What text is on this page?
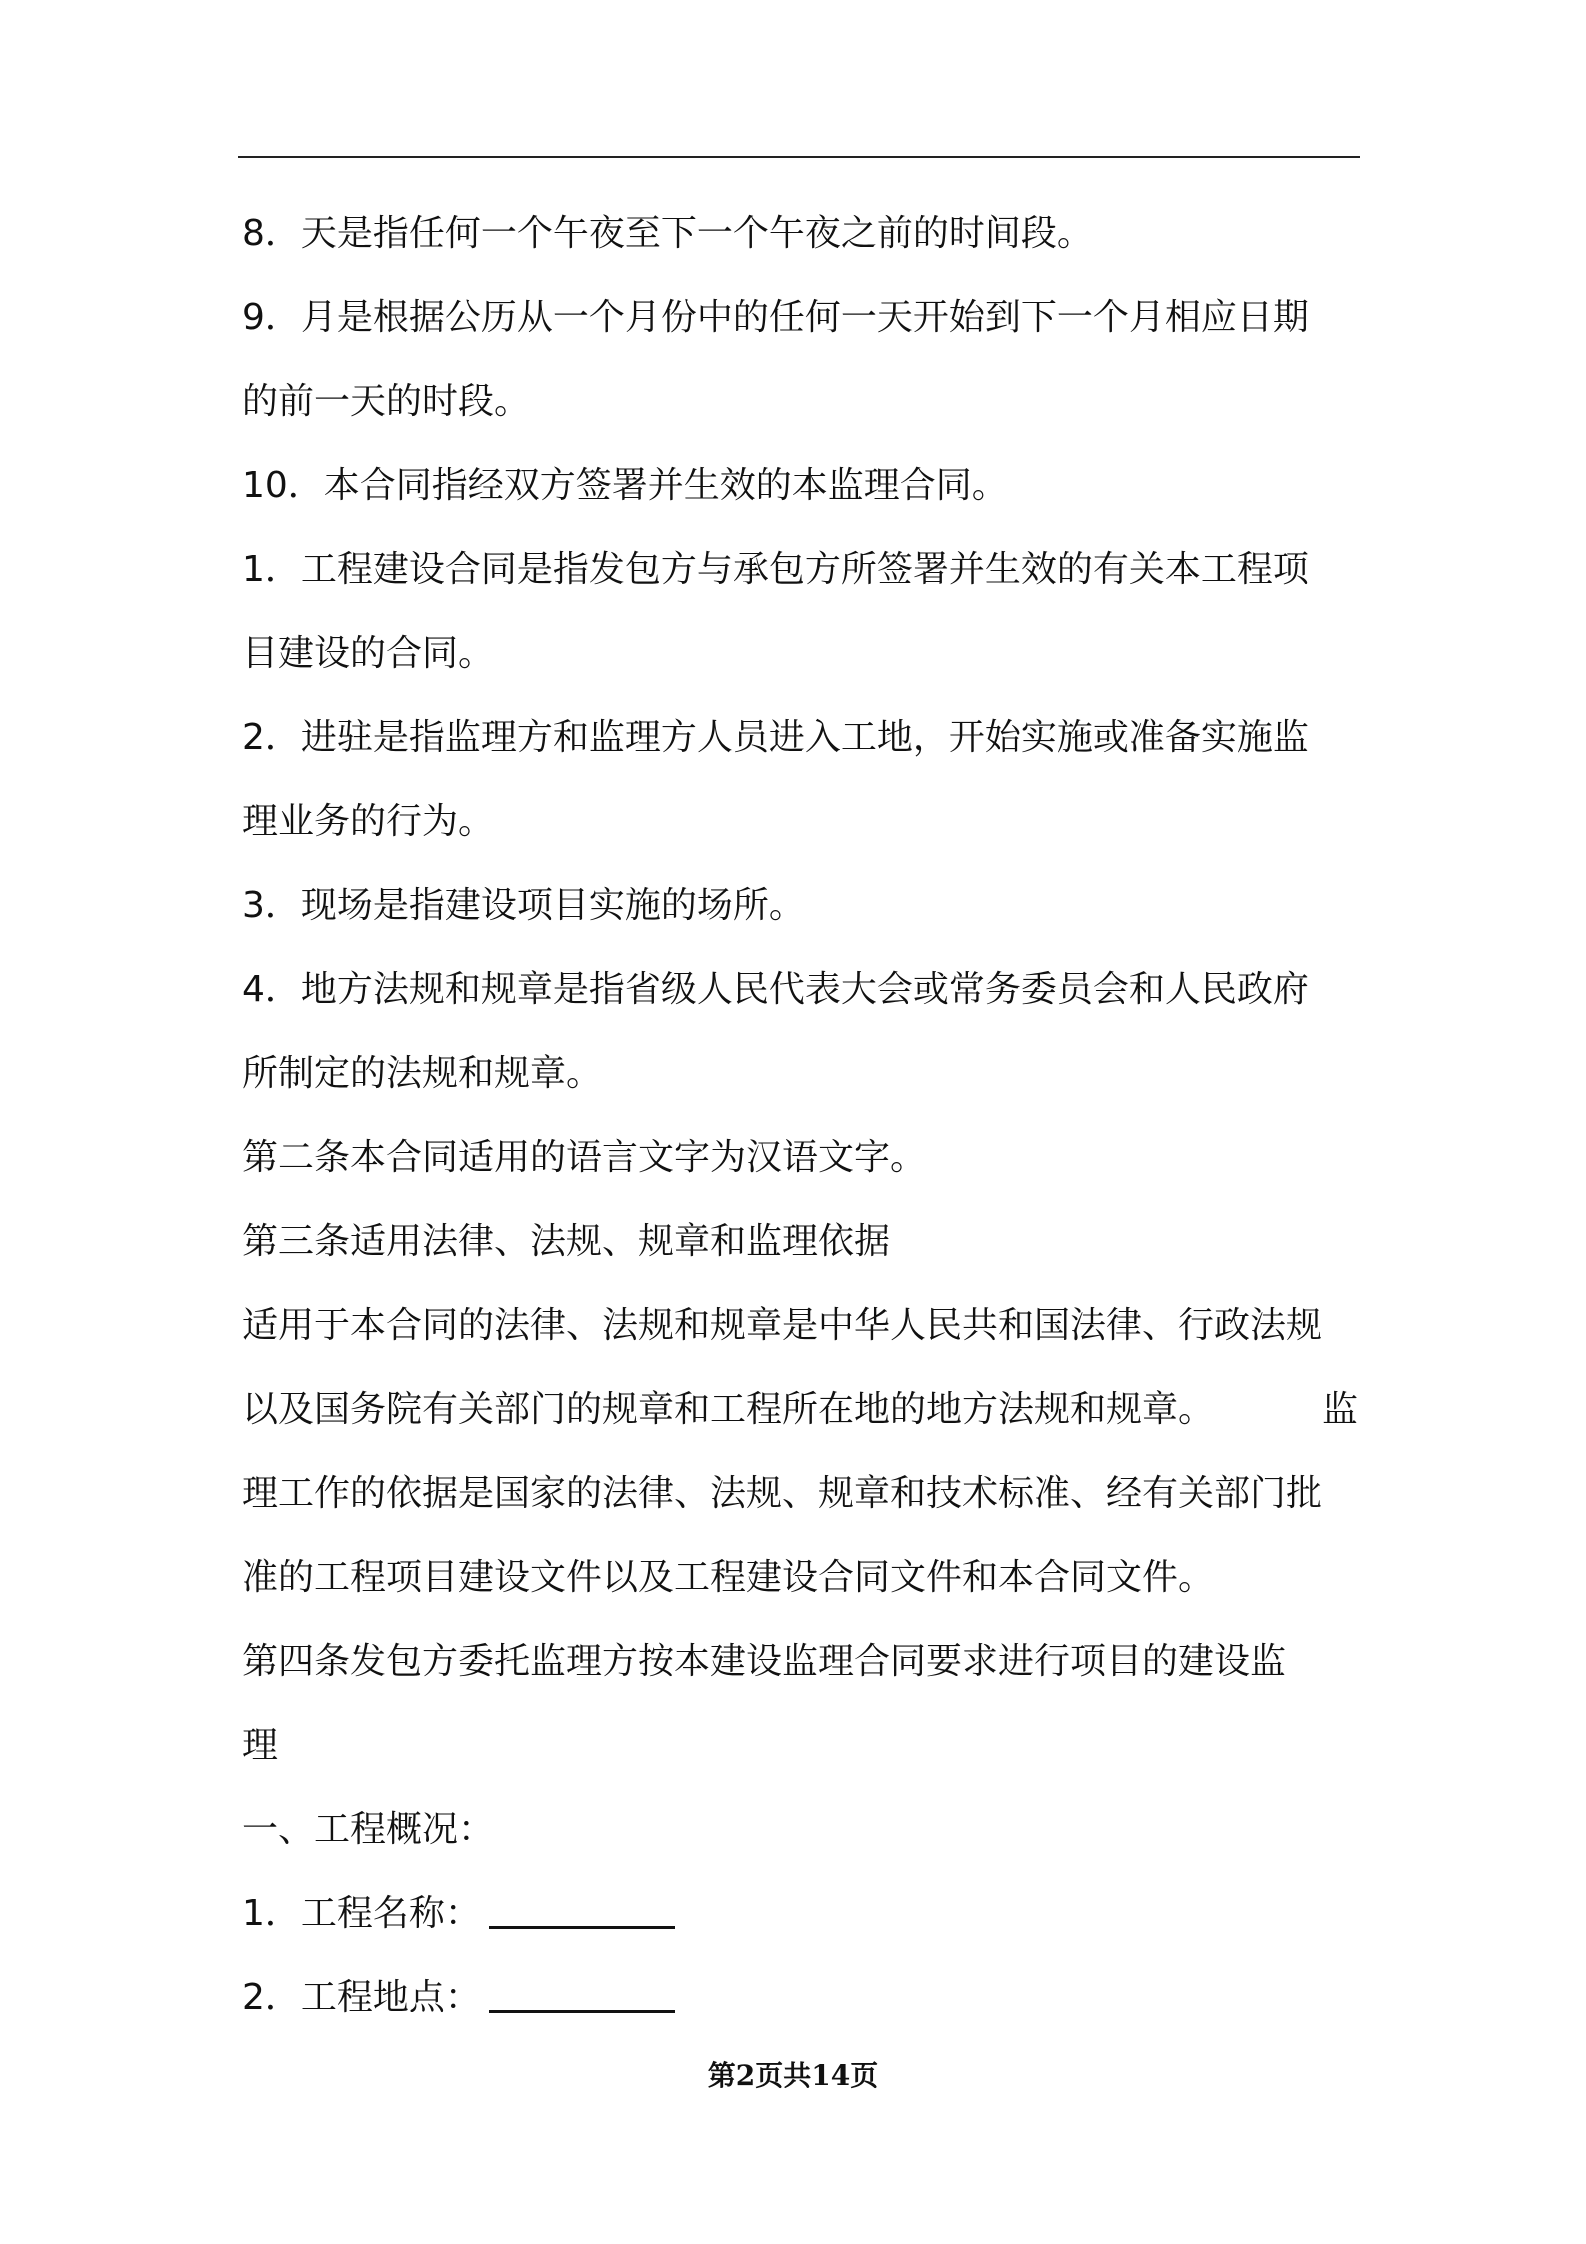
8．天是指任何一个午夜至下一个午夜之前的时间段。
9．月是根据公历从一个月份中的任何一天开始到下一个月相应日期
的前一天的时段。
10．本合同指经双方签署并生效的本监理合同。
1．工程建设合同是指发包方与承包方所签署并生效的有关本工程项
目建设的合同。
2．进驻是指监理方和监理方人员进入工地，开始实施或准备实施监
理业务的行为。
3．现场是指建设项目实施的场所。
4．地方法规和规章是指省级人民代表大会或常务委员会和人民政府
所制定的法规和规章。
第二条本合同适用的语言文字为汉语文字。
第三条适用法律、法规、规章和监理依据
适用于本合同的法律、法规和规章是中华人民共和国法律、行政法规
以及国务院有关部门的规章和工程所在地的地方法规和规章。	监
理工作的依据是国家的法律、法规、规章和技术标准、经有关部门批
准的工程项目建设文件以及工程建设合同文件和本合同文件。
第四条发包方委托监理方按本建设监理合同要求进行项目的建设监
理
一、工程概况：
1．工程名称：
2．工程地点：
第2页共14页
